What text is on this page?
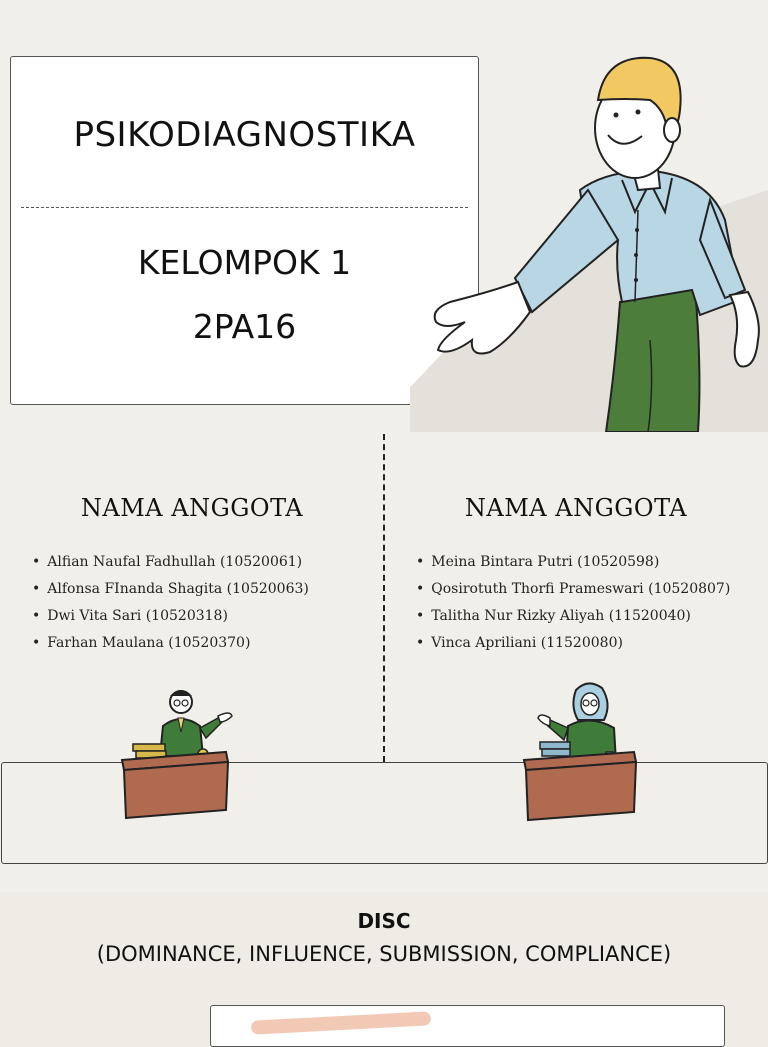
PSIKODIAGNOSTIKA
KELOMPOK 1
2PA16
NAMA ANGGOTA
• Alfian Naufal Fadhullah (10520061)
• Alfonsa FInanda Shagita (10520063)
• Dwi Vita Sari (10520318)
• Farhan Maulana (10520370)
NAMA ANGGOTA
• Meina Bintara Putri (10520598)
• Qosirotuth Thorfi Prameswari (10520807)
• Talitha Nur Rizky Aliyah (11520040)
• Vinca Apriliani (11520080)
DISC
(DOMINANCE, INFLUENCE, SUBMISSION, COMPLIANCE)
